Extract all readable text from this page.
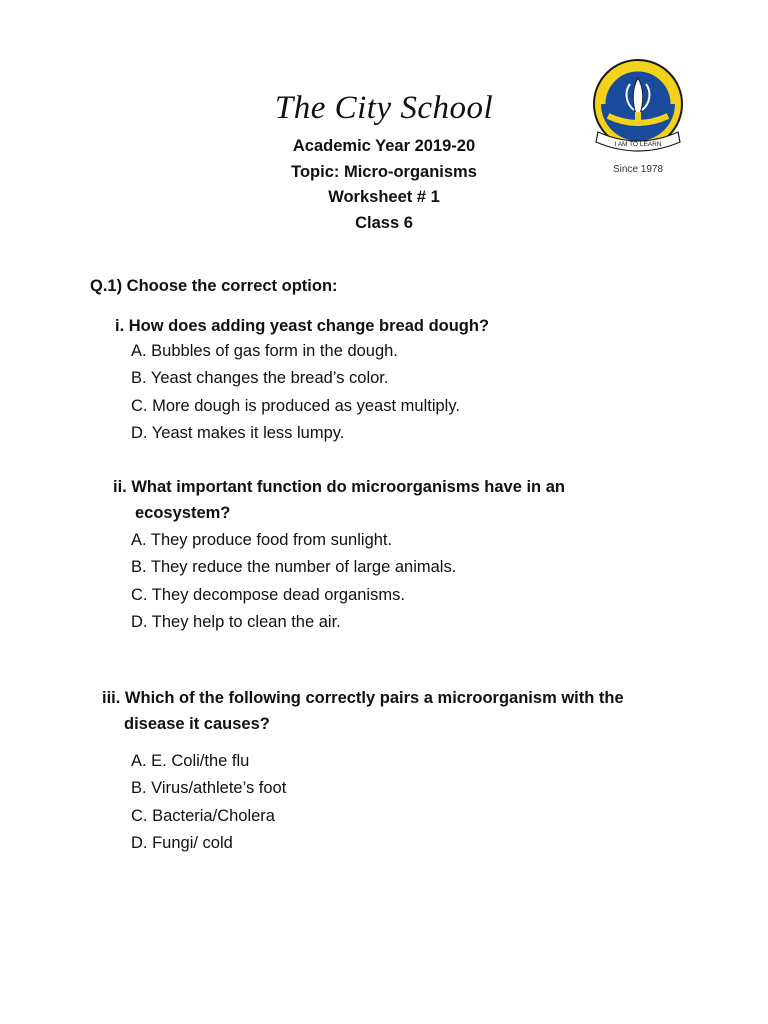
The City School
Academic Year 2019-20
Topic: Micro-organisms
Worksheet # 1
Class 6
I AM TO LEARN
Since 1978
Q.1) Choose the correct option:
i. How does adding yeast change bread dough?
A. Bubbles of gas form in the dough.
B. Yeast changes the bread’s color.
C. More dough is produced as yeast multiply.
D. Yeast makes it less lumpy.
ii. What important function do microorganisms have in an
ecosystem?
A. They produce food from sunlight.
B. They reduce the number of large animals.
C. They decompose dead organisms.
D. They help to clean the air.
iii. Which of the following correctly pairs a microorganism with the
disease it causes?
A. E. Coli/the flu
B. Virus/athlete’s foot
C. Bacteria/Cholera
D. Fungi/ cold
